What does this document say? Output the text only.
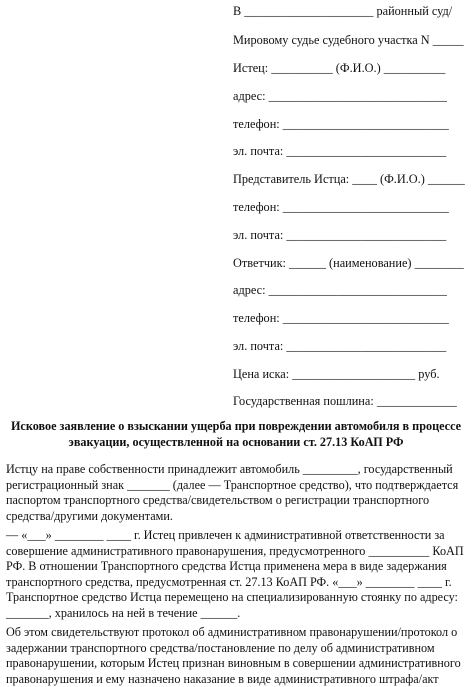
В _____________________ районный суд/
Мировому судье судебного участка N _____
Истец: __________ (Ф.И.О.) __________
адрес: _____________________________
телефон: ___________________________
эл. почта: __________________________
Представитель Истца: ____ (Ф.И.О.) ______
телефон: ___________________________
эл. почта: __________________________
Ответчик: ______ (наименование) ________
адрес: _____________________________
телефон: ___________________________
эл. почта: __________________________
Цена иска: ____________________ руб.
Государственная пошлина: _____________
Исковое заявление о взыскании ущерба при повреждении автомобиля в процессе
эвакуации, осуществленной на основании ст. 27.13 КоАП РФ

Истцу на праве собственности принадлежит автомобиль _________, государственный регистрационный знак _______ (далее — Транспортное средство), что подтверждается паспортом транспортного средства/свидетельством о регистрации транспортного средства/другими документами.

— «___» ________ ____ г. Истец привлечен к административной ответственности за совершение административного правонарушения, предусмотренного __________ КоАП РФ. В отношении Транспортного средства Истца применена мера в виде задержания транспортного средства, предусмотренная ст. 27.13 КоАП РФ. «___» ________ ____ г. Транспортное средство Истца перемещено на специализированную стоянку по адресу: _______, хранилось на ней в течение ______.

Об этом свидетельствуют протокол об административном правонарушении/протокол о задержании транспортного средства/постановление по делу об административном правонарушении, которым Истец признан виновным в совершении административного правонарушения и ему назначено наказание в виде административного штрафа/акт
